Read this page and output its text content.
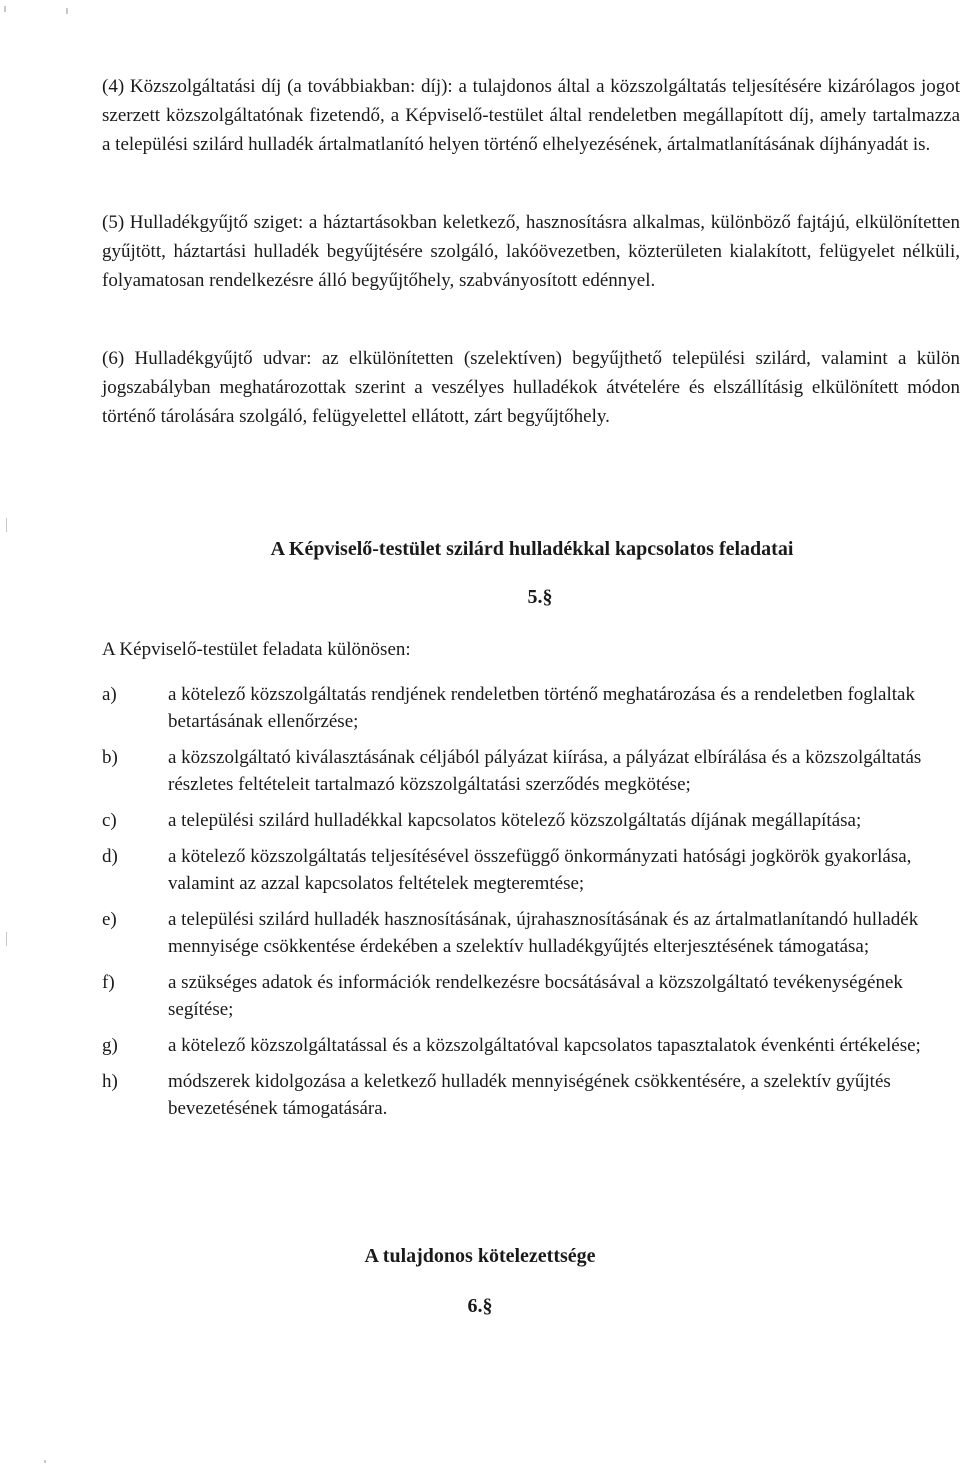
(4) Közszolgáltatási díj (a továbbiakban: díj): a tulajdonos által a közszolgáltatás teljesítésére kizárólagos jogot szerzett közszolgáltatónak fizetendő, a Képviselő-testület által rendeletben megállapított díj, amely tartalmazza a települési szilárd hulladék ártalmatlanító helyen történő elhelyezésének, ártalmatlanításának díjhányadát is.

(5) Hulladékgyűjtő sziget: a háztartásokban keletkező, hasznosításra alkalmas, különböző fajtájú, elkülönítetten gyűjtött, háztartási hulladék begyűjtésére szolgáló, lakóövezetben, közterületen kialakított, felügyelet nélküli, folyamatosan rendelkezésre álló begyűjtőhely, szabványosított edénnyel.

(6) Hulladékgyűjtő udvar: az elkülönítetten (szelektíven) begyűjthető települési szilárd, valamint a külön jogszabályban meghatározottak szerint a veszélyes hulladékok átvételére és elszállításig elkülönített módon történő tárolására szolgáló, felügyelettel ellátott, zárt begyűjtőhely.

A Képviselő-testület szilárd hulladékkal kapcsolatos feladatai
5.§

A Képviselő-testület feladata különösen:

a)	a kötelező közszolgáltatás rendjének rendeletben történő meghatározása és a rendeletben foglaltak betartásának ellenőrzése;
b)	a közszolgáltató kiválasztásának céljából pályázat kiírása, a pályázat elbírálása és a közszolgáltatás részletes feltételeit tartalmazó közszolgáltatási szerződés megkötése;
c)	a települési szilárd hulladékkal kapcsolatos kötelező közszolgáltatás díjának megállapítása;
d)	a kötelező közszolgáltatás teljesítésével összefüggő önkormányzati hatósági jogkörök gyakorlása, valamint az azzal kapcsolatos feltételek megteremtése;
e)	a települési szilárd hulladék hasznosításának, újrahasznosításának és az ártalmatlanítandó hulladék mennyisége csökkentése érdekében a szelektív hulladékgyűjtés elterjesztésének támogatása;
f)	a szükséges adatok és információk rendelkezésre bocsátásával a közszolgáltató tevékenységének segítése;
g)	a kötelező közszolgáltatással és a közszolgáltatóval kapcsolatos tapasztalatok évenkénti értékelése;
h)	módszerek kidolgozása a keletkező hulladék mennyiségének csökkentésére, a szelektív gyűjtés bevezetésének támogatására.
A tulajdonos kötelezettsége
6.§
